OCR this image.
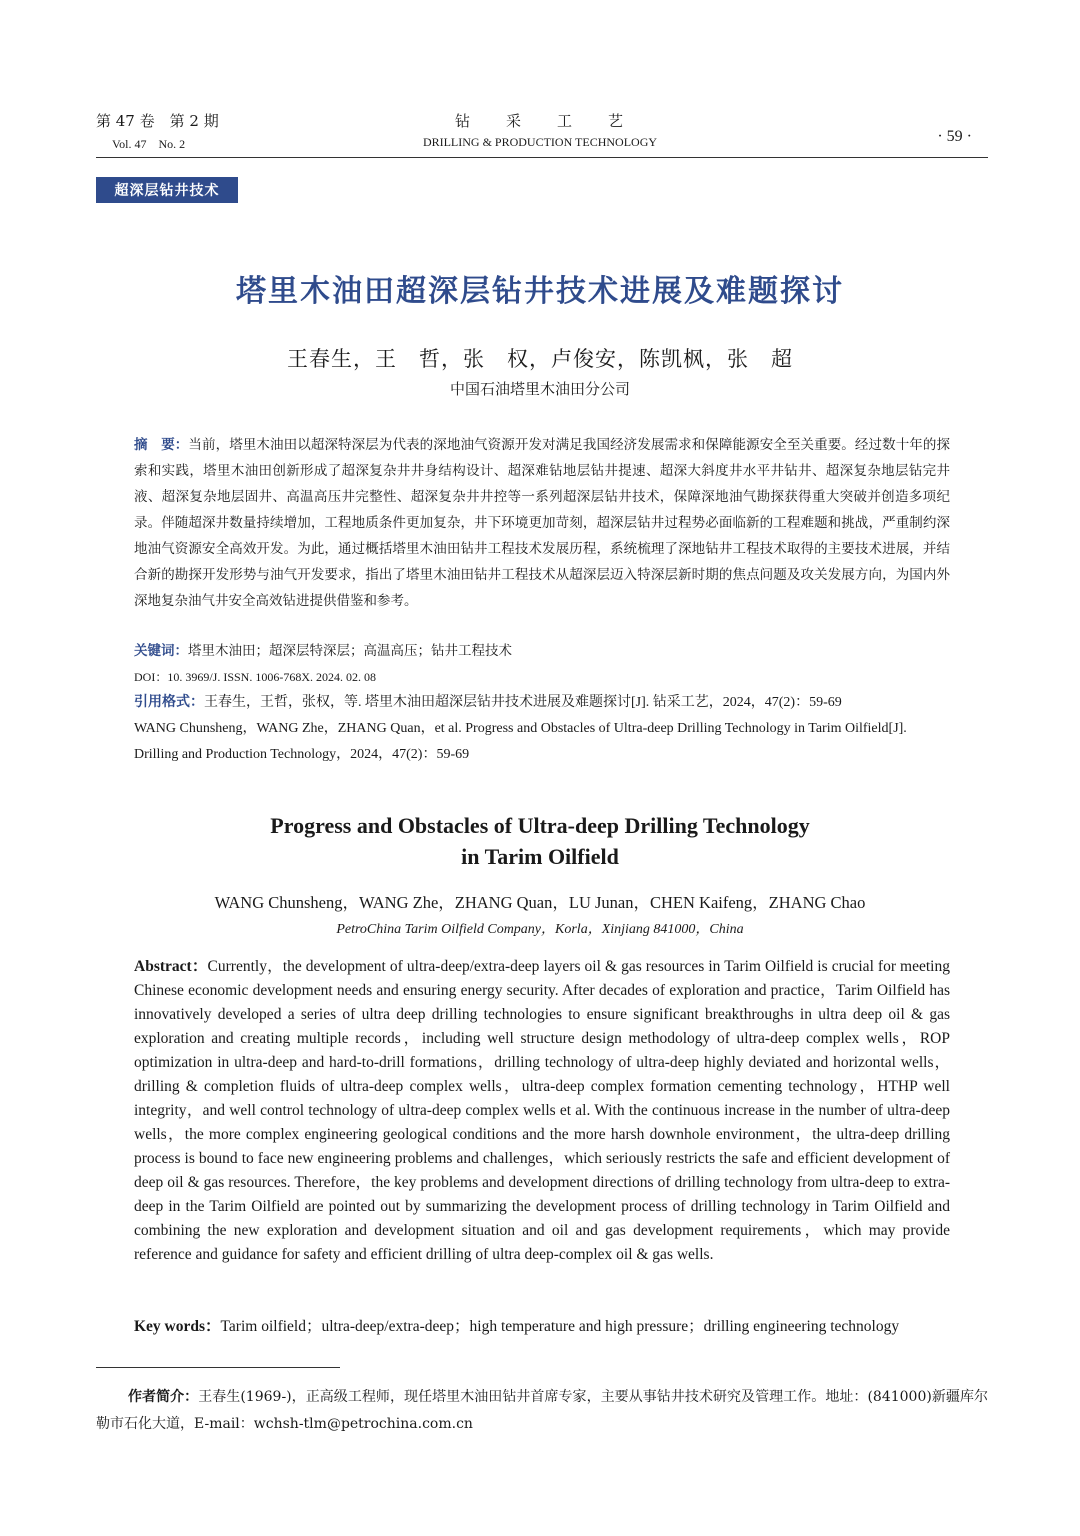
第 47 卷　第 2 期
Vol. 47　No. 2
钻　　采　　工　　艺
DRILLING & PRODUCTION TECHNOLOGY	· 59 ·
超深层钻井技术
塔里木油田超深层钻井技术进展及难题探讨
王春生，王　哲，张　权，卢俊安，陈凯枫，张　超
中国石油塔里木油田分公司
摘　要：当前，塔里木油田以超深特深层为代表的深地油气资源开发对满足我国经济发展需求和保障能源安全至关重要。经过数十年的探索和实践，塔里木油田创新形成了超深复杂井井身结构设计、超深难钻地层钻井提速、超深大斜度井水平井钻井、超深复杂地层钻完井液、超深复杂地层固井、高温高压井完整性、超深复杂井井控等一系列超深层钻井技术，保障深地油气勘探获得重大突破并创造多项纪录。伴随超深井数量持续增加，工程地质条件更加复杂，井下环境更加苛刻，超深层钻井过程势必面临新的工程难题和挑战，严重制约深地油气资源安全高效开发。为此，通过概括塔里木油田钻井工程技术发展历程，系统梳理了深地钻井工程技术取得的主要技术进展，并结合新的勘探开发形势与油气开发要求，指出了塔里木油田钻井工程技术从超深层迈入特深层新时期的焦点问题及攻关发展方向，为国内外深地复杂油气井安全高效钻进提供借鉴和参考。
关键词：塔里木油田；超深层特深层；高温高压；钻井工程技术
DOI：10. 3969/J. ISSN. 1006-768X. 2024. 02. 08
引用格式：王春生，王哲，张权，等. 塔里木油田超深层钻井技术进展及难题探讨[J]. 钻采工艺，2024，47(2)：59-69
WANG Chunsheng，WANG Zhe，ZHANG Quan，et al. Progress and Obstacles of Ultra-deep Drilling Technology in Tarim Oilfield[J]. Drilling and Production Technology，2024，47(2)：59-69
Progress and Obstacles of Ultra-deep Drilling Technology
in Tarim Oilfield
WANG Chunsheng，WANG Zhe，ZHANG Quan，LU Junan，CHEN Kaifeng，ZHANG Chao
PetroChina Tarim Oilfield Company，Korla，Xinjiang 841000，China
Abstract：Currently，the development of ultra-deep/extra-deep layers oil & gas resources in Tarim Oilfield is crucial for meeting Chinese economic development needs and ensuring energy security. After decades of exploration and practice，Tarim Oilfield has innovatively developed a series of ultra deep drilling technologies to ensure significant breakthroughs in ultra deep oil & gas exploration and creating multiple records，including well structure design methodology of ultra-deep complex wells，ROP optimization in ultra-deep and hard-to-drill formations，drilling technology of ultra-deep highly deviated and horizontal wells，drilling & completion fluids of ultra-deep complex wells，ultra-deep complex formation cementing technology，HTHP well integrity，and well control technology of ultra-deep complex wells et al. With the continuous increase in the number of ultra-deep wells，the more complex engineering geological conditions and the more harsh downhole environment，the ultra-deep drilling process is bound to face new engineering problems and challenges，which seriously restricts the safe and efficient development of deep oil & gas resources. Therefore，the key problems and development directions of drilling technology from ultra-deep to extra-deep in the Tarim Oilfield are pointed out by summarizing the development process of drilling technology in Tarim Oilfield and combining the new exploration and development situation and oil and gas development requirements，which may provide reference and guidance for safety and efficient drilling of ultra deep-complex oil & gas wells.
Key words：Tarim oilfield；ultra-deep/extra-deep；high temperature and high pressure；drilling engineering technology
作者简介：王春生(1969-)，正高级工程师，现任塔里木油田钻井首席专家，主要从事钻井技术研究及管理工作。地址：(841000)新疆库尔勒市石化大道，E-mail：wchsh-tlm@petrochina.com.cn
